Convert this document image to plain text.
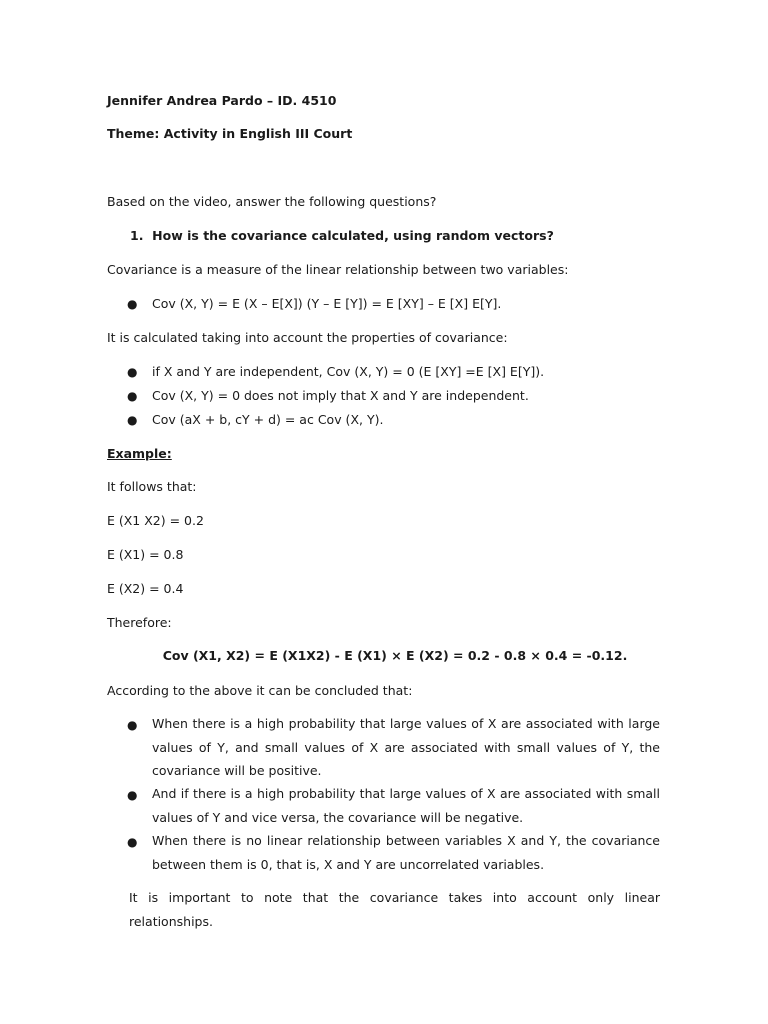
Jennifer Andrea Pardo – ID. 4510
Theme: Activity in English III Court
Based on the video, answer the following questions?
1. How is the covariance calculated, using random vectors?
Covariance is a measure of the linear relationship between two variables:
● Cov (X, Y) = E (X – E[X]) (Y – E [Y]) = E [XY] – E [X] E[Y].
It is calculated taking into account the properties of covariance:
● if X and Y are independent, Cov (X, Y) = 0 (E [XY] =E [X] E[Y]).
● Cov (X, Y) = 0 does not imply that X and Y are independent.
● Cov (aX + b, cY + d) = ac Cov (X, Y).
Example:
It follows that:
E (X1 X2) = 0.2
E (X1) = 0.8
E (X2) = 0.4
Therefore:
Cov (X1, X2) = E (X1X2) - E (X1) × E (X2) = 0.2 - 0.8 × 0.4 = -0.12.
According to the above it can be concluded that:
● When there is a high probability that large values of X are associated with large values of Y, and small values of X are associated with small values of Y, the covariance will be positive.
● And if there is a high probability that large values of X are associated with small values of Y and vice versa, the covariance will be negative.
● When there is no linear relationship between variables X and Y, the covariance between them is 0, that is, X and Y are uncorrelated variables.
It is important to note that the covariance takes into account only linear relationships.
